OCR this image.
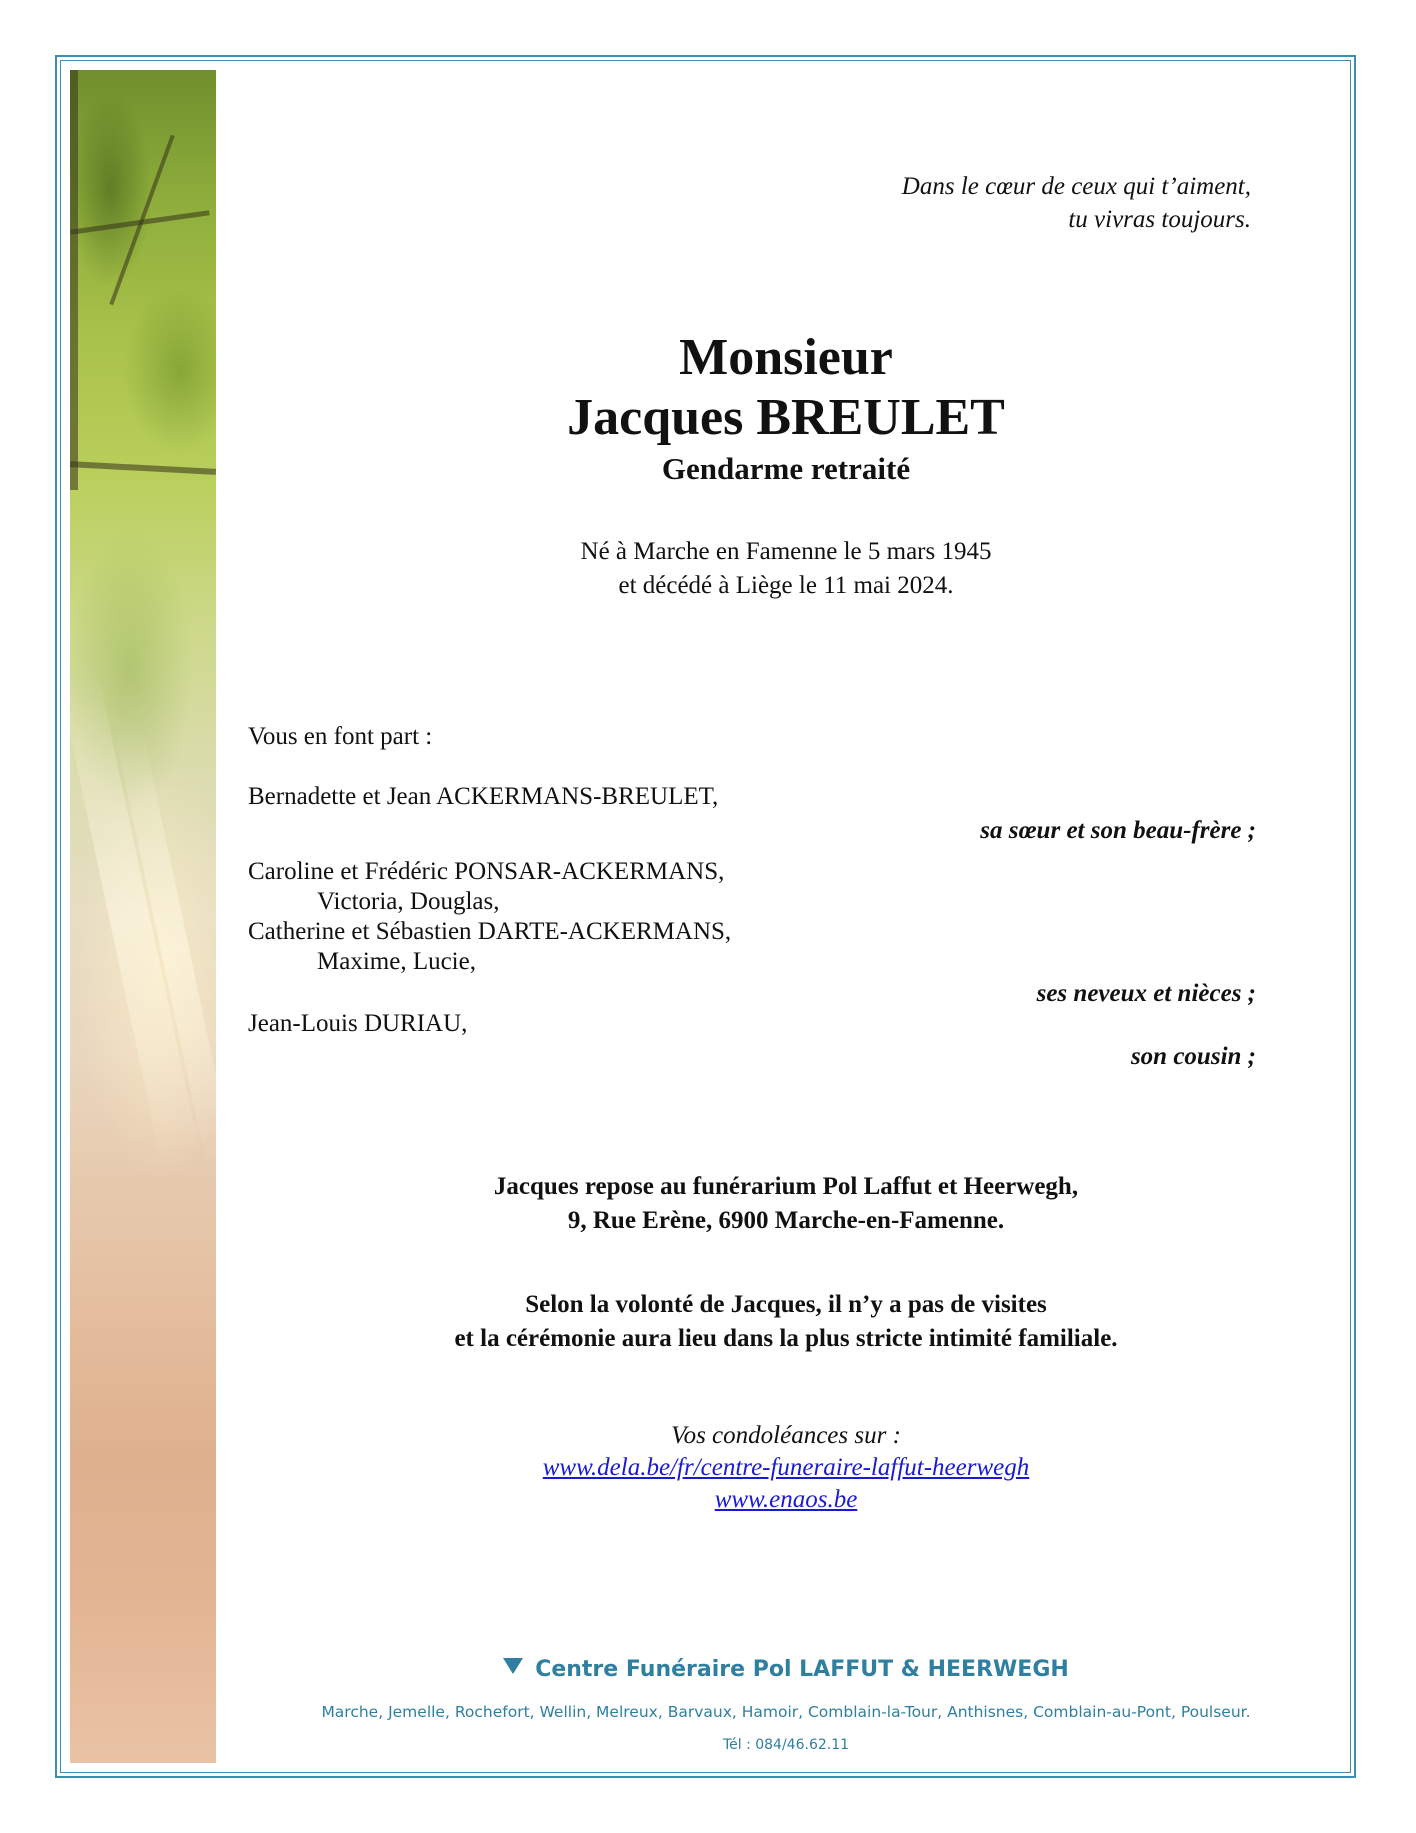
Dans le cœur de ceux qui t’aiment,
tu vivras toujours.
Monsieur
Jacques BREULET
Gendarme retraité
Né à Marche en Famenne le 5 mars 1945
et décédé à Liège le 11 mai 2024.
Vous en font part :
Bernadette et Jean ACKERMANS-BREULET,
sa sœur et son beau-frère ;
Caroline et Frédéric PONSAR-ACKERMANS,
Victoria, Douglas,
Catherine et Sébastien DARTE-ACKERMANS,
Maxime, Lucie,
ses neveux et nièces ;
Jean-Louis DURIAU,
son cousin ;
Jacques repose au funérarium Pol Laffut et Heerwegh,
9, Rue Erène, 6900 Marche-en-Famenne.
Selon la volonté de Jacques, il n’y a pas de visites
et la cérémonie aura lieu dans la plus stricte intimité familiale.
Vos condoléances sur :
www.dela.be/fr/centre-funeraire-laffut-heerwegh
www.enaos.be
Centre Funéraire Pol LAFFUT & HEERWEGH
Marche, Jemelle, Rochefort, Wellin, Melreux, Barvaux, Hamoir, Comblain-la-Tour, Anthisnes, Comblain-au-Pont, Poulseur.
Tél : 084/46.62.11
